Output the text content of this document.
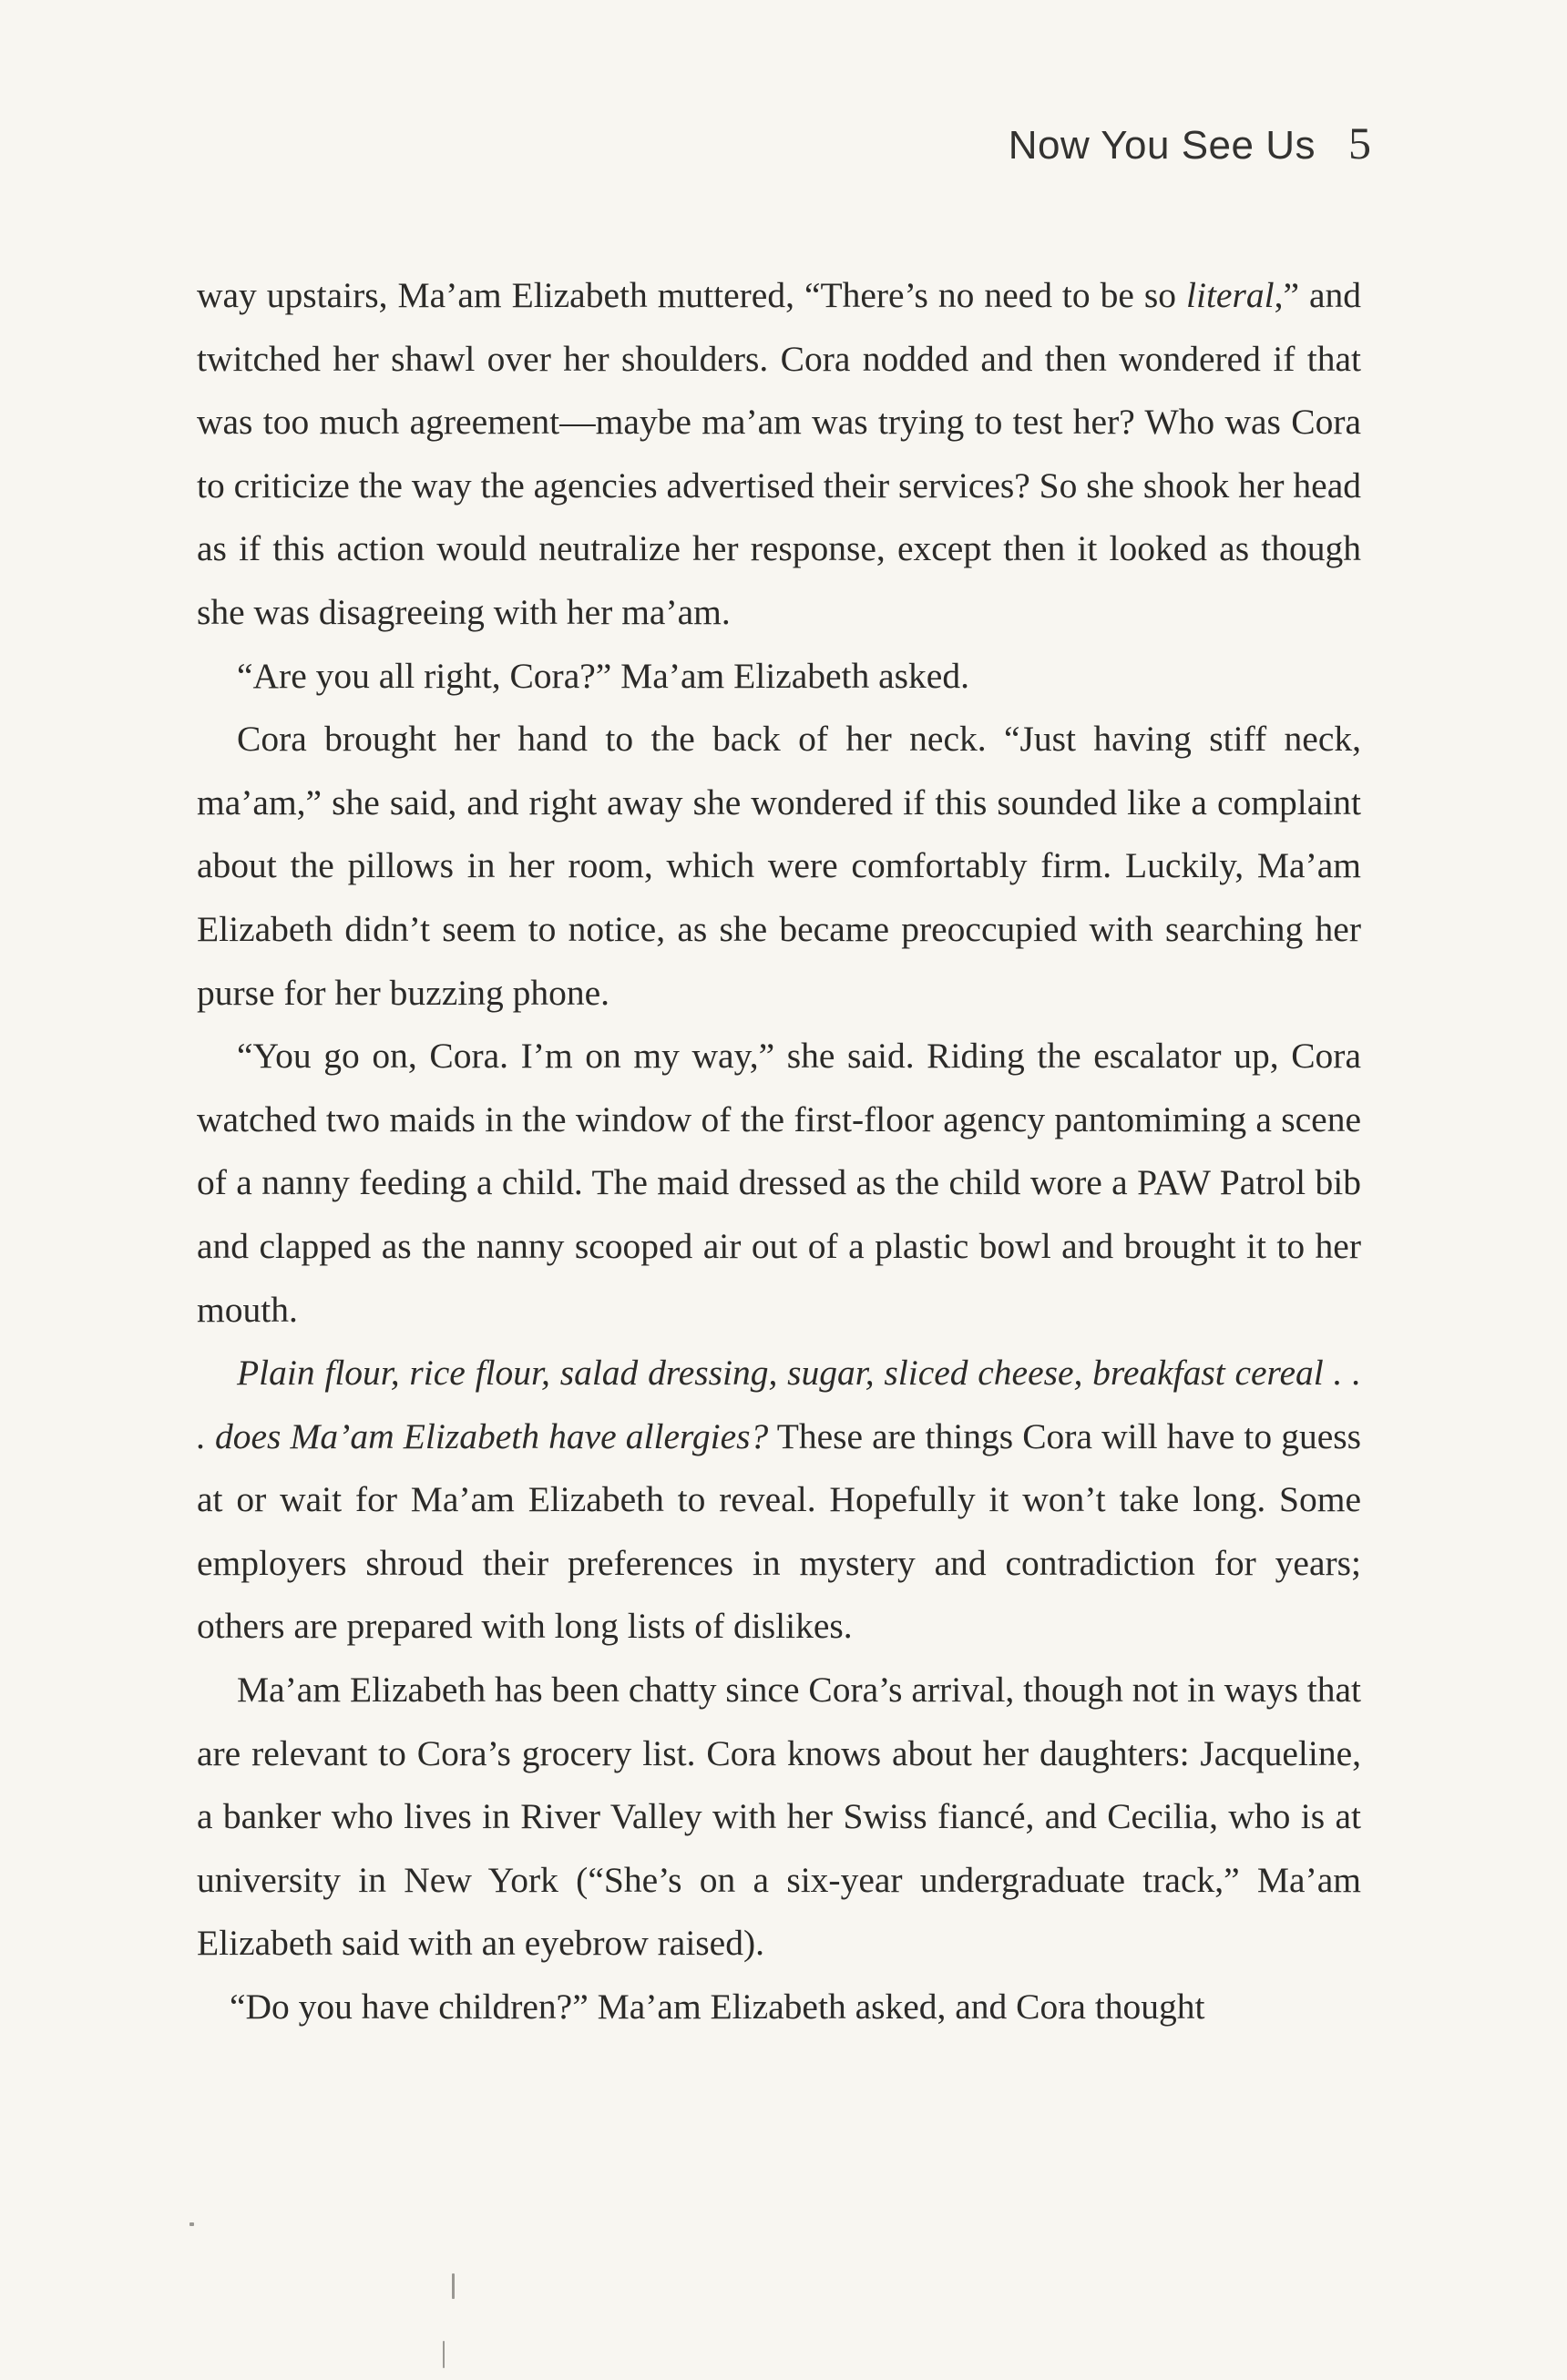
Now You See Us 5

way upstairs, Ma’am Elizabeth muttered, “There’s no need to be so literal,” and twitched her shawl over her shoulders. Cora nodded and then wondered if that was too much agreement—maybe ma’am was trying to test her? Who was Cora to criticize the way the agencies advertised their services? So she shook her head as if this action would neutralize her response, except then it looked as though she was disagreeing with her ma’am.

“Are you all right, Cora?” Ma’am Elizabeth asked.

Cora brought her hand to the back of her neck. “Just having stiff neck, ma’am,” she said, and right away she wondered if this sounded like a complaint about the pillows in her room, which were comfortably firm. Luckily, Ma’am Elizabeth didn’t seem to notice, as she became preoccupied with searching her purse for her buzzing phone.

“You go on, Cora. I’m on my way,” she said. Riding the escalator up, Cora watched two maids in the window of the first-floor agency pantomiming a scene of a nanny feeding a child. The maid dressed as the child wore a PAW Patrol bib and clapped as the nanny scooped air out of a plastic bowl and brought it to her mouth.

Plain flour, rice flour, salad dressing, sugar, sliced cheese, breakfast cereal . . . does Ma’am Elizabeth have allergies? These are things Cora will have to guess at or wait for Ma’am Elizabeth to reveal. Hopefully it won’t take long. Some employers shroud their preferences in mystery and contradiction for years; others are prepared with long lists of dislikes.

Ma’am Elizabeth has been chatty since Cora’s arrival, though not in ways that are relevant to Cora’s grocery list. Cora knows about her daughters: Jacqueline, a banker who lives in River Valley with her Swiss fiancé, and Cecilia, who is at university in New York (“She’s on a six-year undergraduate track,” Ma’am Elizabeth said with an eyebrow raised).

“Do you have children?” Ma’am Elizabeth asked, and Cora thought
